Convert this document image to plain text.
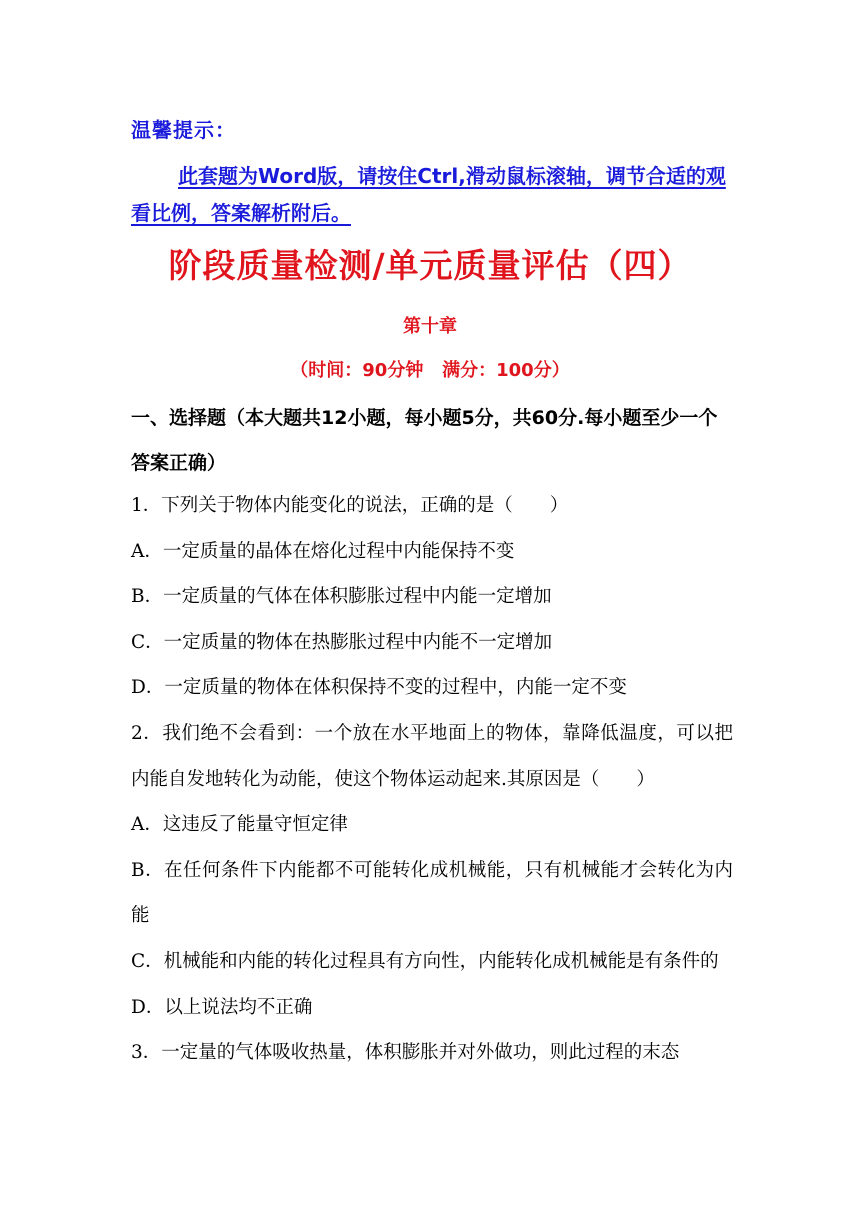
温馨提示：
此套题为Word版，请按住Ctrl,滑动鼠标滚轴，调节合适的观看比例，答案解析附后。
阶段质量检测/单元质量评估（四）
第十章
（时间：90分钟   满分：100分）
一、选择题（本大题共12小题，每小题5分，共60分.每小题至少一个答案正确）
1．下列关于物体内能变化的说法，正确的是（　　）
A．一定质量的晶体在熔化过程中内能保持不变
B．一定质量的气体在体积膨胀过程中内能一定增加
C．一定质量的物体在热膨胀过程中内能不一定增加
D．一定质量的物体在体积保持不变的过程中，内能一定不变
2．我们绝不会看到：一个放在水平地面上的物体，靠降低温度，可以把内能自发地转化为动能，使这个物体运动起来.其原因是（　　）
A．这违反了能量守恒定律
B．在任何条件下内能都不可能转化成机械能，只有机械能才会转化为内能
C．机械能和内能的转化过程具有方向性，内能转化成机械能是有条件的
D．以上说法均不正确
3．一定量的气体吸收热量，体积膨胀并对外做功，则此过程的末态
